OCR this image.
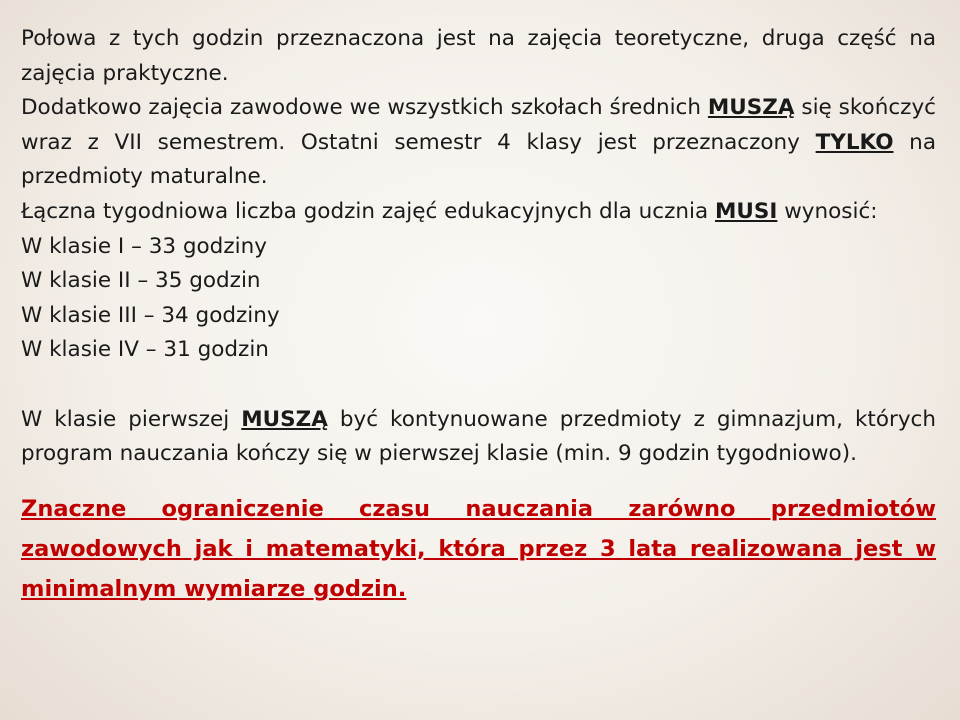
Połowa z tych godzin przeznaczona jest na zajęcia teoretyczne, druga część na zajęcia praktyczne.

Dodatkowo zajęcia zawodowe we wszystkich szkołach średnich MUSZĄ się skończyć wraz z VII semestrem. Ostatni semestr 4 klasy jest przeznaczony TYLKO na przedmioty maturalne.

Łączna tygodniowa liczba godzin zajęć edukacyjnych dla ucznia MUSI wynosić:

W klasie I – 33 godziny

W klasie II – 35 godzin

W klasie III – 34 godziny

W klasie IV – 31 godzin

W klasie pierwszej MUSZĄ być kontynuowane przedmioty z gimnazjum, których program nauczania kończy się w pierwszej klasie (min. 9 godzin tygodniowo).

Znaczne ograniczenie czasu nauczania zarówno przedmiotów zawodowych jak i matematyki, która przez 3 lata realizowana jest w minimalnym wymiarze godzin.
